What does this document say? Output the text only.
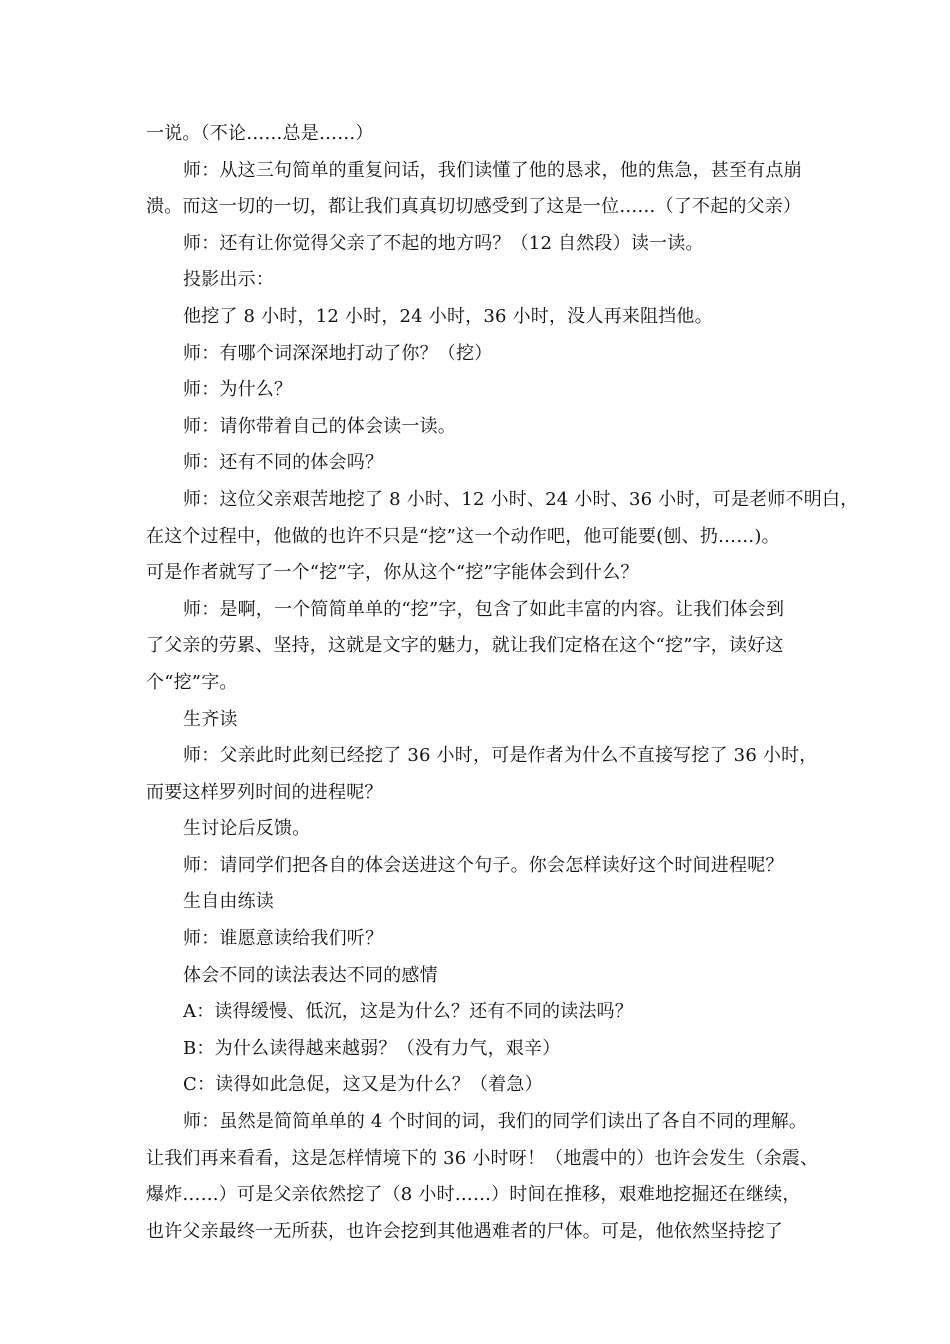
一说。（不论……总是……）
师：从这三句简单的重复问话，我们读懂了他的恳求，他的焦急，甚至有点崩
溃。而这一切的一切，都让我们真真切切感受到了这是一位……（了不起的父亲）
师：还有让你觉得父亲了不起的地方吗？（12 自然段）读一读。
投影出示：
他挖了 8 小时，12 小时，24 小时，36 小时，没人再来阻挡他。
师：有哪个词深深地打动了你？（挖）
师：为什么？
师：请你带着自己的体会读一读。
师：还有不同的体会吗？
师：这位父亲艰苦地挖了 8 小时、12 小时、24 小时、36 小时，可是老师不明白，
在这个过程中，他做的也许不只是“挖”这一个动作吧，他可能要(刨、扔……)。
可是作者就写了一个“挖”字，你从这个“挖”字能体会到什么？
师：是啊，一个简简单单的“挖”字，包含了如此丰富的内容。让我们体会到
了父亲的劳累、坚持，这就是文字的魅力，就让我们定格在这个“挖”字，读好这
个“挖”字。
生齐读
师：父亲此时此刻已经挖了 36 小时，可是作者为什么不直接写挖了 36 小时，
而要这样罗列时间的进程呢？
生讨论后反馈。
师：请同学们把各自的体会送进这个句子。你会怎样读好这个时间进程呢？
生自由练读
师：谁愿意读给我们听？
体会不同的读法表达不同的感情
A：读得缓慢、低沉，这是为什么？还有不同的读法吗？
B：为什么读得越来越弱？（没有力气，艰辛）
C：读得如此急促，这又是为什么？（着急）
师：虽然是简简单单的 4 个时间的词，我们的同学们读出了各自不同的理解。
让我们再来看看，这是怎样情境下的 36 小时呀！（地震中的）也许会发生（余震、
爆炸……）可是父亲依然挖了（8 小时……）时间在推移，艰难地挖掘还在继续，
也许父亲最终一无所获，也许会挖到其他遇难者的尸体。可是，他依然坚持挖了
